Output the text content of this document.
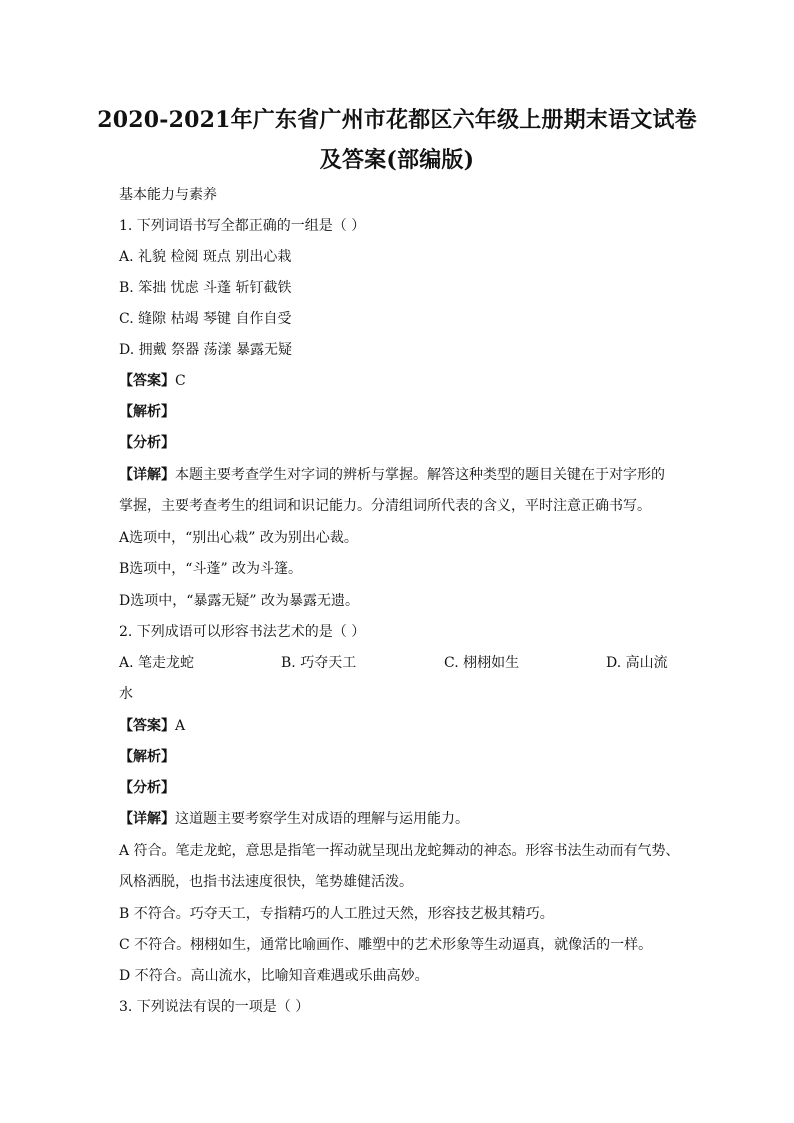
2020-2021年广东省广州市花都区六年级上册期末语文试卷
及答案(部编版)
基本能力与素养
1. 下列词语书写全都正确的一组是（ ）
A. 礼貌 检阅 斑点 别出心栽
B. 笨拙 忧虑 斗蓬 斩钉截铁
C. 缝隙 枯竭 琴键 自作自受
D. 拥戴 祭器 荡漾 暴露无疑
【答案】C
【解析】
【分析】
【详解】本题主要考查学生对字词的辨析与掌握。解答这种类型的题目关键在于对字形的
掌握，主要考查考生的组词和识记能力。分清组词所代表的含义，平时注意正确书写。
A选项中，“别出心栽” 改为别出心裁。
B选项中，“斗蓬” 改为斗篷。
D选项中，“暴露无疑” 改为暴露无遗。
2. 下列成语可以形容书法艺术的是（ ）
A. 笔走龙蛇	B. 巧夺天工	C. 栩栩如生	D. 高山流
水
【答案】A
【解析】
【分析】
【详解】这道题主要考察学生对成语的理解与运用能力。
A 符合。笔走龙蛇，意思是指笔一挥动就呈现出龙蛇舞动的神态。形容书法生动而有气势、
风格洒脱，也指书法速度很快，笔势雄健活泼。
B 不符合。巧夺天工，专指精巧的人工胜过天然，形容技艺极其精巧。
C 不符合。栩栩如生，通常比喻画作、雕塑中的艺术形象等生动逼真，就像活的一样。
D 不符合。高山流水，比喻知音难遇或乐曲高妙。
3. 下列说法有误的一项是（ ）
